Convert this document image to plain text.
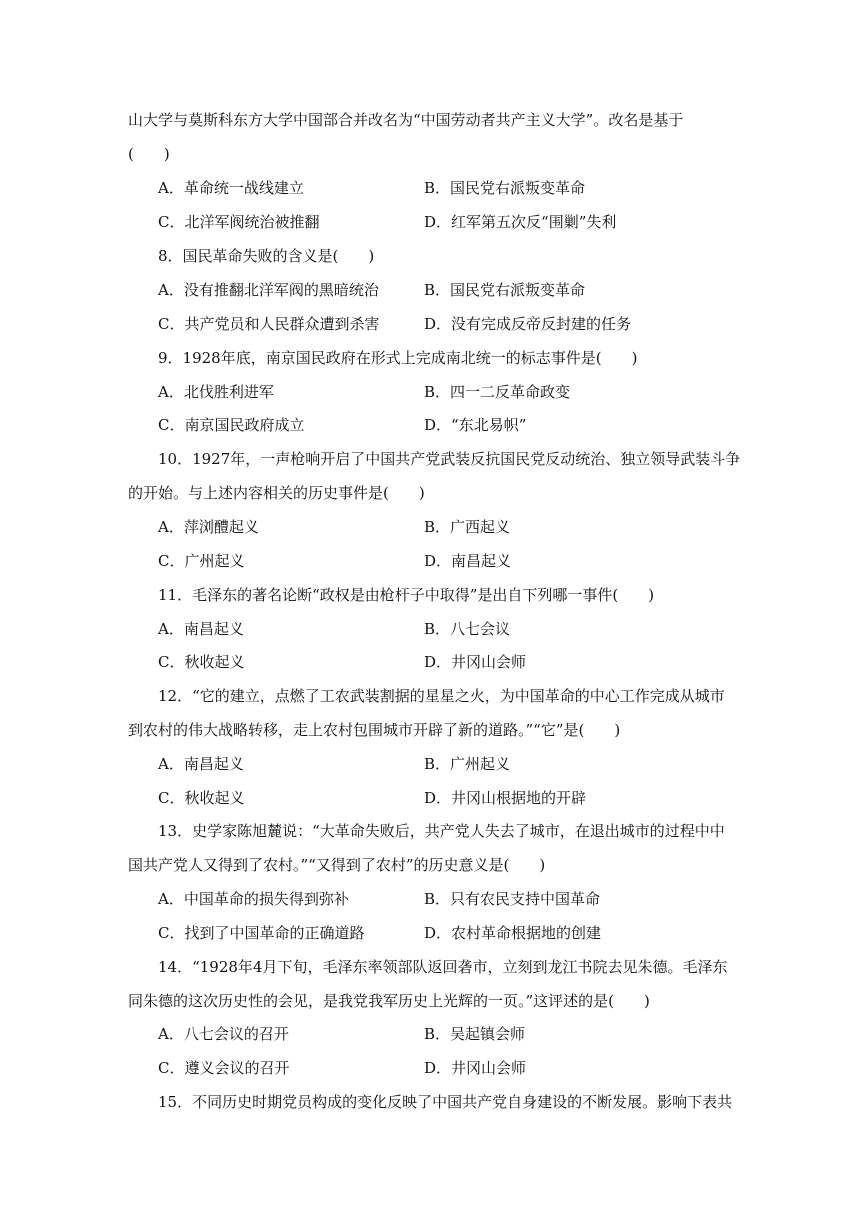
山大学与莫斯科东方大学中国部合并改名为“中国劳动者共产主义大学”。改名是基于
(　　)
A．革命统一战线建立	B．国民党右派叛变革命
C．北洋军阀统治被推翻	D．红军第五次反“围剿”失利
8．国民革命失败的含义是(　　)
A．没有推翻北洋军阀的黑暗统治	B．国民党右派叛变革命
C．共产党员和人民群众遭到杀害	D．没有完成反帝反封建的任务
9．1928年底，南京国民政府在形式上完成南北统一的标志事件是(　　)
A．北伐胜利进军	B．四一二反革命政变
C．南京国民政府成立	D．“东北易帜”
10．1927年，一声枪响开启了中国共产党武装反抗国民党反动统治、独立领导武装斗争
的开始。与上述内容相关的历史事件是(　　)
A．萍浏醴起义	B．广西起义
C．广州起义	D．南昌起义
11．毛泽东的著名论断“政权是由枪杆子中取得”是出自下列哪一事件(　　)
A．南昌起义	B．八七会议
C．秋收起义	D．井冈山会师
12．“它的建立，点燃了工农武装割据的星星之火，为中国革命的中心工作完成从城市
到农村的伟大战略转移，走上农村包围城市开辟了新的道路。”“它”是(　　)
A．南昌起义	B．广州起义
C．秋收起义	D．井冈山根据地的开辟
13．史学家陈旭麓说：“大革命失败后，共产党人失去了城市，在退出城市的过程中中
国共产党人又得到了农村。”“又得到了农村”的历史意义是(　　)
A．中国革命的损失得到弥补	B．只有农民支持中国革命
C．找到了中国革命的正确道路	D．农村革命根据地的创建
14．“1928年4月下旬，毛泽东率领部队返回砻市，立刻到龙江书院去见朱德。毛泽东
同朱德的这次历史性的会见，是我党我军历史上光辉的一页。”这评述的是(　　)
A．八七会议的召开	B．吴起镇会师
C．遵义会议的召开	D．井冈山会师
15．不同历史时期党员构成的变化反映了中国共产党自身建设的不断发展。影响下表共
